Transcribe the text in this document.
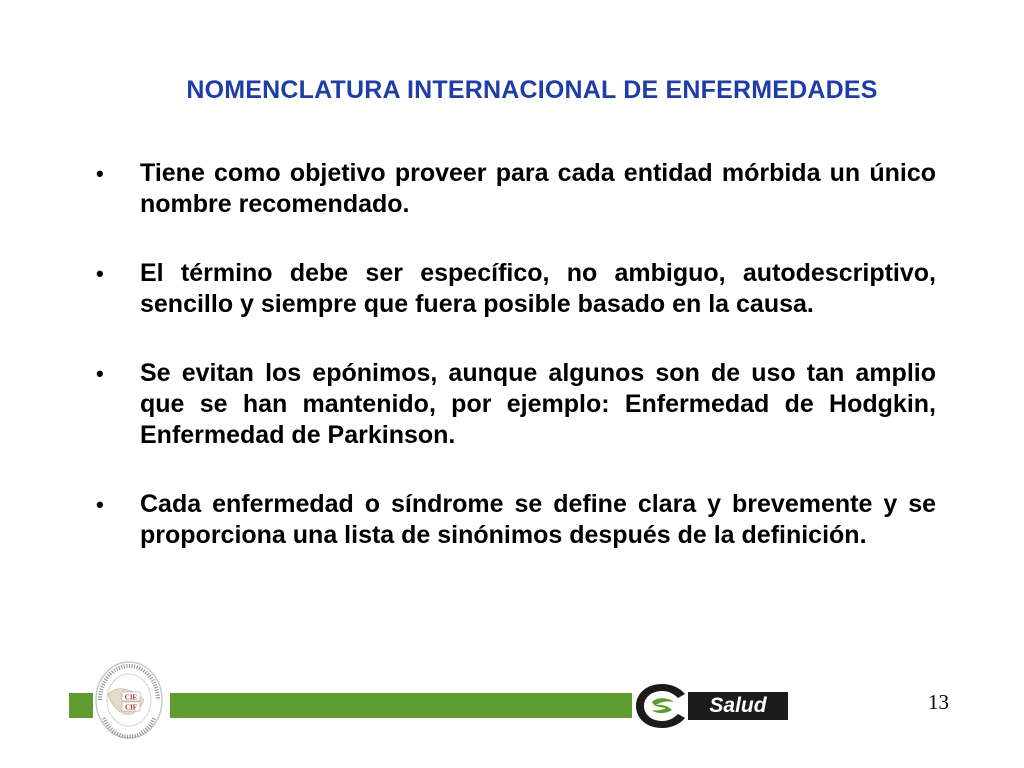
NOMENCLATURA INTERNACIONAL DE ENFERMEDADES
• Tiene como objetivo proveer para cada entidad mórbida un único nombre recomendado.
• El término debe ser específico, no ambiguo, autodescriptivo, sencillo y siempre que fuera posible basado en la causa.
• Se evitan los epónimos, aunque algunos son de uso tan amplio que se han mantenido, por ejemplo: Enfermedad de Hodgkin, Enfermedad de Parkinson.
• Cada enfermedad o síndrome se define clara y brevemente y se proporciona una lista de sinónimos después de la definición.
CIE
CIF	Salud	13
